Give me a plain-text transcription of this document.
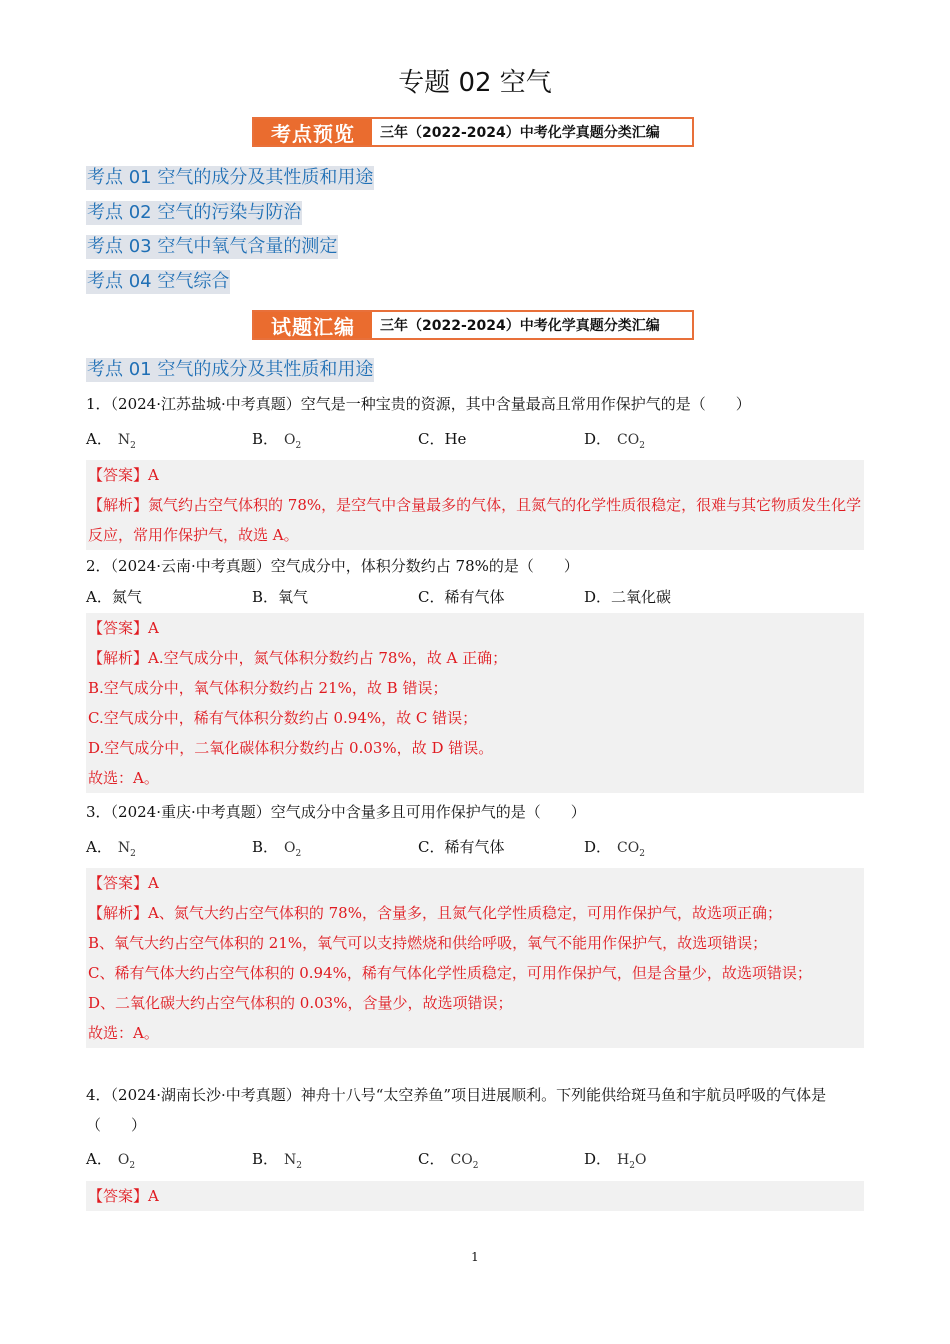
专题 02 空气
考点预览	三年（2022-2024）中考化学真题分类汇编
考点 01 空气的成分及其性质和用途
考点 02 空气的污染与防治
考点 03 空气中氧气含量的测定
考点 04 空气综合
试题汇编	三年（2022-2024）中考化学真题分类汇编
考点 01 空气的成分及其性质和用途
1．（2024·江苏盐城·中考真题）空气是一种宝贵的资源，其中含量最高且常用作保护气的是（　　）
A． $N_2$	B． $O_2$	C．He	D． $CO_2$

【答案】A

【解析】氮气约占空气体积的 78%，是空气中含量最多的气体，且氮气的化学性质很稳定，很难与其它物质发生化学反应，常用作保护气，故选 A。

2．（2024·云南·中考真题）空气成分中，体积分数约占 78%的是（　　）
A．氮气	B．氧气	C．稀有气体	D．二氧化碳

【答案】A

【解析】A.空气成分中，氮气体积分数约占 78%，故 A 正确；

B.空气成分中，氧气体积分数约占 21%，故 B 错误；

C.空气成分中，稀有气体积分数约占 0.94%，故 C 错误；

D.空气成分中，二氧化碳体积分数约占 0.03%，故 D 错误。

故选：A。

3．（2024·重庆·中考真题）空气成分中含量多且可用作保护气的是（　　）
A． $N_2$	B． $O_2$	C．稀有气体	D． $CO_2$

【答案】A

【解析】A、氮气大约占空气体积的 78%，含量多，且氮气化学性质稳定，可用作保护气，故选项正确；

B、氧气大约占空气体积的 21%，氧气可以支持燃烧和供给呼吸，氧气不能用作保护气，故选项错误；

C、稀有气体大约占空气体积的 0.94%，稀有气体化学性质稳定，可用作保护气，但是含量少，故选项错误；

D、二氧化碳大约占空气体积的 0.03%，含量少，故选项错误；

故选：A。

4．（2024·湖南长沙·中考真题）神舟十八号“太空养鱼”项目进展顺利。下列能供给斑马鱼和宇航员呼吸的气体是（　　）
A． $O_2$	B． $N_2$	C． $CO_2$	D． $H_2O$

【答案】A

1
